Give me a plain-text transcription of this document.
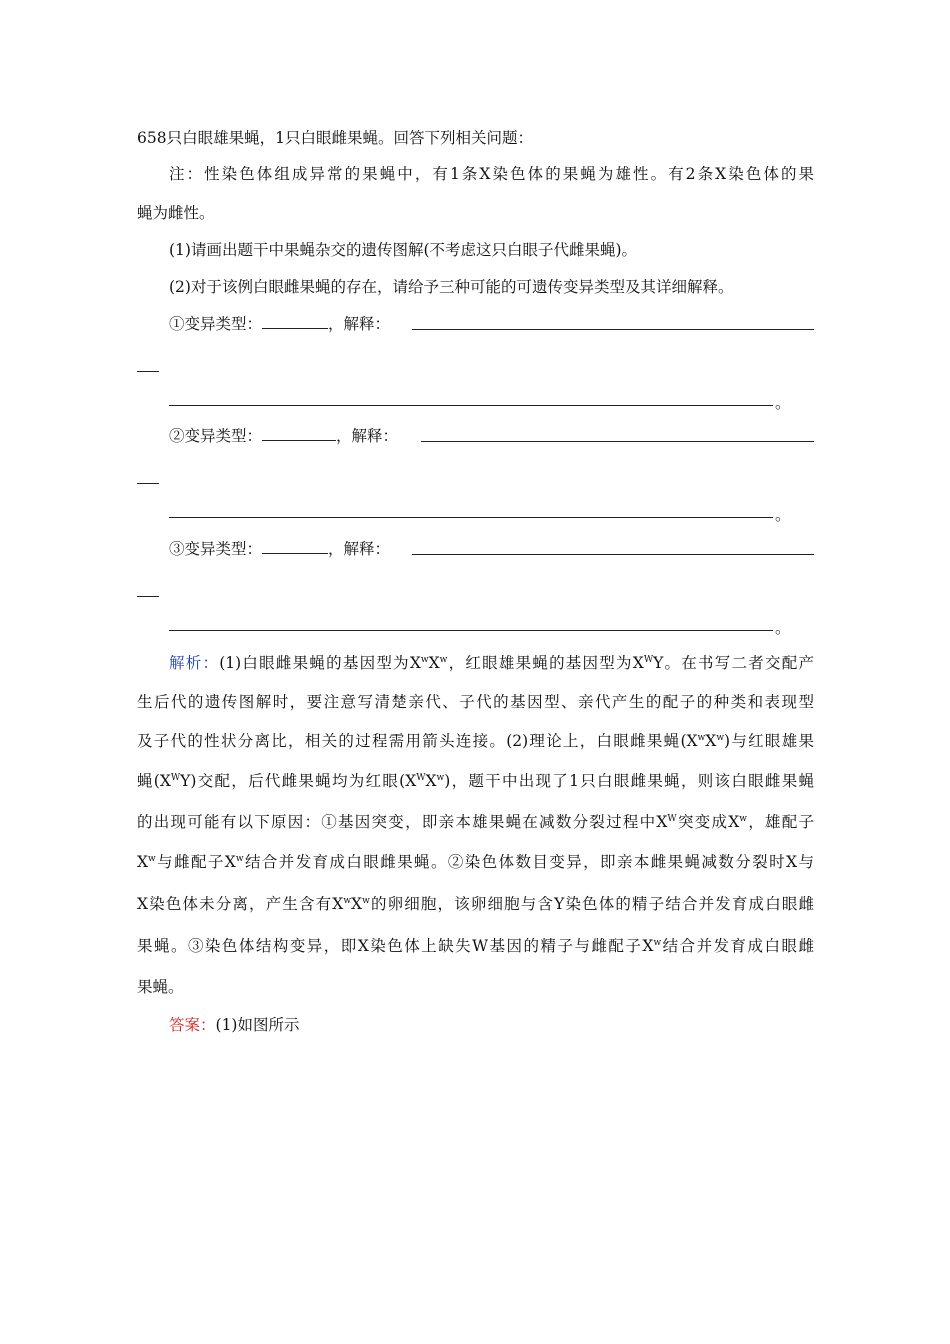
658只白眼雄果蝇，1只白眼雌果蝇。回答下列相关问题：
注：性染色体组成异常的果蝇中，有1条X染色体的果蝇为雄性。有2条X染色体的果
蝇为雌性。
(1)请画出题干中果蝇杂交的遗传图解(不考虑这只白眼子代雌果蝇)。
(2)对于该例白眼雌果蝇的存在，请给予三种可能的可遗传变异类型及其详细解释。
①变异类型：	，解释：
。
②变异类型：	，解释：
。
③变异类型：	，解释：
。
解析：(1)白眼雌果蝇的基因型为$X^wX^w$，红眼雄果蝇的基因型为$X^WY$。在书写二者交配产
生后代的遗传图解时，要注意写清楚亲代、子代的基因型、亲代产生的配子的种类和表现型
及子代的性状分离比，相关的过程需用箭头连接。(2)理论上，白眼雌果蝇$(X^wX^w)$与红眼雄果
蝇$(X^WY)$交配，后代雌果蝇均为红眼$(X^WX^w)$，题干中出现了1只白眼雌果蝇，则该白眼雌果蝇
的出现可能有以下原因：①基因突变，即亲本雄果蝇在减数分裂过程中$X^W$突变成$X^w$，雄配子
$X^w$与雌配子$X^w$结合并发育成白眼雌果蝇。②染色体数目变异，即亲本雌果蝇减数分裂时X与
X染色体未分离，产生含有$X^wX^w$的卵细胞，该卵细胞与含Y染色体的精子结合并发育成白眼雌
果蝇。③染色体结构变异，即X染色体上缺失W基因的精子与雌配子$X^w$结合并发育成白眼雌
果蝇。
答案：(1)如图所示
